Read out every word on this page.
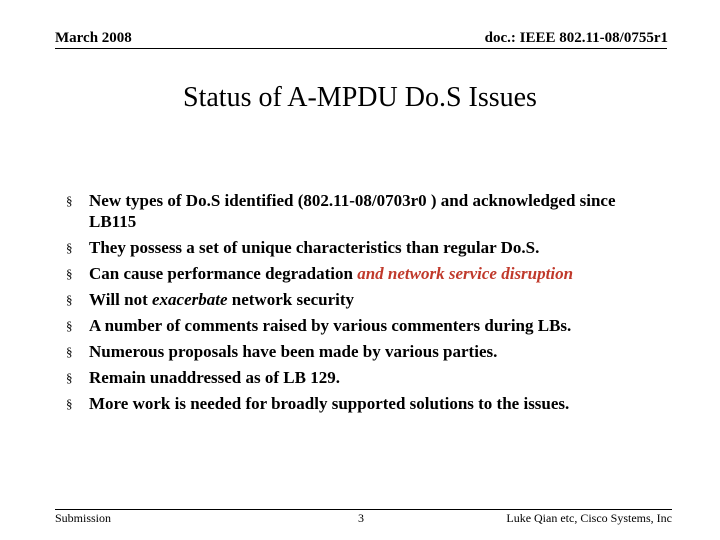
March 2008	doc.: IEEE 802.11-08/0755r1
Status of A-MPDU Do.S Issues
§ New types of Do.S identified (802.11-08/0703r0 ) and acknowledged since LB115
§ They possess a set of unique characteristics than regular Do.S.
§ Can cause performance degradation and network service disruption
§ Will not exacerbate network security
§ A number of comments raised by various commenters during LBs.
§ Numerous proposals have been made by various parties.
§ Remain unaddressed as of LB 129.
§ More work is needed for broadly supported solutions to the issues.
Submission	3	Luke Qian etc, Cisco Systems, Inc
